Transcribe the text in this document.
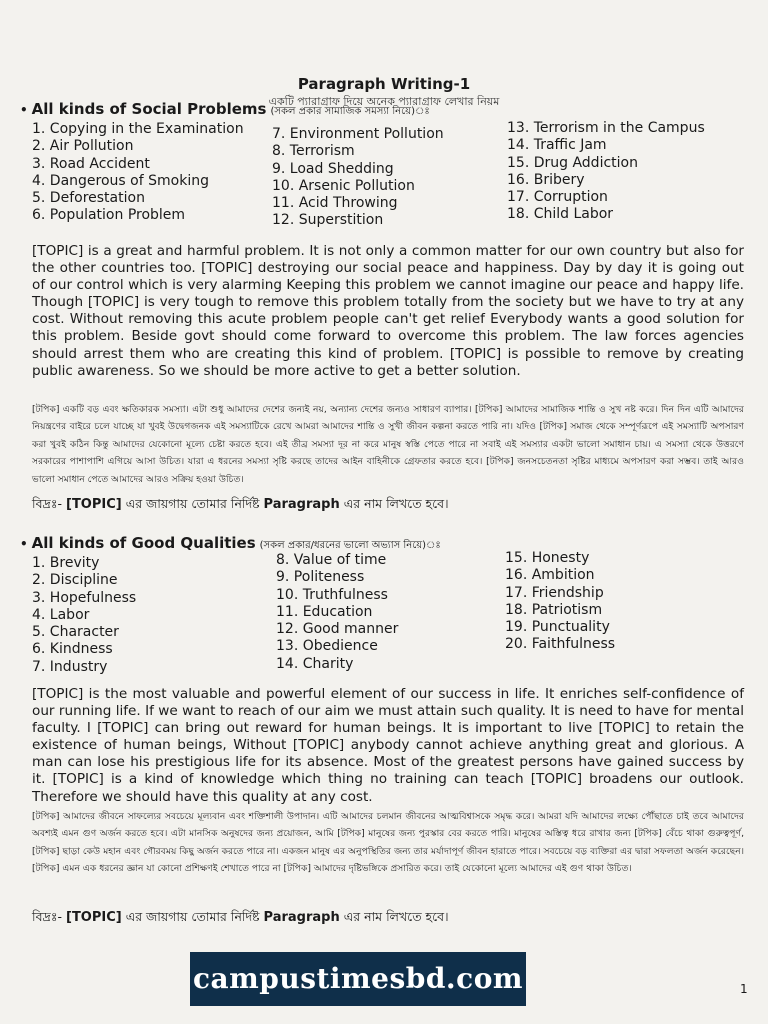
Paragraph Writing-1
একটি প্যারাগ্রাফ দিয়ে অনেক প্যারাগ্রাফ লেখার নিয়ম
• All kinds of Social Problems (সকল প্রকার সামাজিক সমস্যা নিয়ে)ঃ
1. Copying in the Examination
2. Air Pollution
3. Road Accident
4. Dangerous of Smoking
5. Deforestation
6. Population Problem
7. Environment Pollution
8. Terrorism
9. Load Shedding
10. Arsenic Pollution
11. Acid Throwing
12. Superstition
13. Terrorism in the Campus
14. Traffic Jam
15. Drug Addiction
16. Bribery
17. Corruption
18. Child Labor
[TOPIC] is a great and harmful problem. It is not only a common matter for our own country but also for the other countries too. [TOPIC] destroying our social peace and happiness. Day by day it is going out of our control which is very alarming Keeping this problem we cannot imagine our peace and happy life. Though [TOPIC] is very tough to remove this problem totally from the society but we have to try at any cost. Without removing this acute problem people can't get relief Everybody wants a good solution for this problem. Beside govt should come forward to overcome this problem. The law forces agencies should arrest them who are creating this kind of problem. [TOPIC] is possible to remove by creating public awareness. So we should be more active to get a better solution.
[টপিক] একটি বড় এবং ক্ষতিকারক সমস্যা। এটা শুধু আমাদের দেশের জন্যই নয়, অন্যান্য দেশের জন্যও সাধারণ ব্যাপার। [টপিক] আমাদের সামাজিক শান্তি ও সুখ নষ্ট করে। দিন দিন এটি আমাদের নিয়ন্ত্রণের বাইরে চলে যাচ্ছে যা খুবই উদ্বেগজনক এই সমস্যাটিকে রেখে আমরা আমাদের শান্তি ও সুখী জীবন কল্পনা করতে পারি না। যদিও [টপিক] সমাজ থেকে সম্পূর্ণরূপে এই সমস্যাটি অপসারণ করা খুবই কঠিন কিন্তু আমাদের যেকোনো মূল্যে চেষ্টা করতে হবে। এই তীব্র সমস্যা দূর না করে মানুষ স্বস্তি পেতে পারে না সবাই এই সমস্যার একটা ভালো সমাধান চায়। এ সমস্যা থেকে উত্তরণে সরকারের পাশাপাশি এগিয়ে আসা উচিত। যারা এ ধরনের সমস্যা সৃষ্টি করছে তাদের আইন বাহিনীকে গ্রেফতার করতে হবে। [টপিক] জনসচেতনতা সৃষ্টির মাধ্যমে অপসারণ করা সম্ভব। তাই আরও ভালো সমাধান পেতে আমাদের আরও সক্রিয় হওয়া উচিত।
বিদ্রঃ- [TOPIC] এর জায়গায় তোমার নির্দিষ্ট Paragraph এর নাম লিখতে হবে।
• All kinds of Good Qualities (সকল প্রকার/ধরনের ভালো অভ্যাস নিয়ে)ঃ
1. Brevity
2. Discipline
3. Hopefulness
4. Labor
5. Character
6. Kindness
7. Industry
8. Value of time
9. Politeness
10. Truthfulness
11. Education
12. Good manner
13. Obedience
14. Charity
15. Honesty
16. Ambition
17. Friendship
18. Patriotism
19. Punctuality
20. Faithfulness
[TOPIC] is the most valuable and powerful element of our success in life. It enriches self-confidence of our running life. If we want to reach of our aim we must attain such quality. It is need to have for mental faculty. I [TOPIC] can bring out reward for human beings. It is important to live [TOPIC] to retain the existence of human beings, Without [TOPIC] anybody cannot achieve anything great and glorious. A man can lose his prestigious life for its absence. Most of the greatest persons have gained success by it. [TOPIC] is a kind of knowledge which thing no training can teach [TOPIC] broadens our outlook. Therefore we should have this quality at any cost.
[টপিক] আমাদের জীবনে সাফল্যের সবচেয়ে মূল্যবান এবং শক্তিশালী উপাদান। এটি আমাদের চলমান জীবনের আত্মবিশ্বাসকে সমৃদ্ধ করে। আমরা যদি আমাদের লক্ষ্যে পৌঁছাতে চাই তবে আমাদের অবশ্যই এমন গুণ অর্জন করতে হবে। এটা মানসিক অনুষদের জন্য প্রয়োজন, আমি [টপিক] মানুষের জন্য পুরস্কার বের করতে পারি। মানুষের অস্তিত্ব ধরে রাখার জন্য [টপিক] বেঁচে থাকা গুরুত্বপূর্ণ, [টপিক] ছাড়া কেউ মহান এবং গৌরবময় কিছু অর্জন করতে পারে না। একজন মানুষ এর অনুপস্থিতির জন্য তার মর্যাদাপূর্ণ জীবন হারাতে পারে। সবচেয়ে বড় ব্যক্তিরা এর দ্বারা সফলতা অর্জন করেছেন। [টপিক] এমন এক ধরনের জ্ঞান যা কোনো প্রশিক্ষণই শেখাতে পারে না [টপিক] আমাদের দৃষ্টিভঙ্গিকে প্রসারিত করে। তাই যেকোনো মূল্যে আমাদের এই গুণ থাকা উচিত।
বিদ্রঃ- [TOPIC] এর জায়গায় তোমার নির্দিষ্ট Paragraph এর নাম লিখতে হবে।
campustimesbd.com	1
